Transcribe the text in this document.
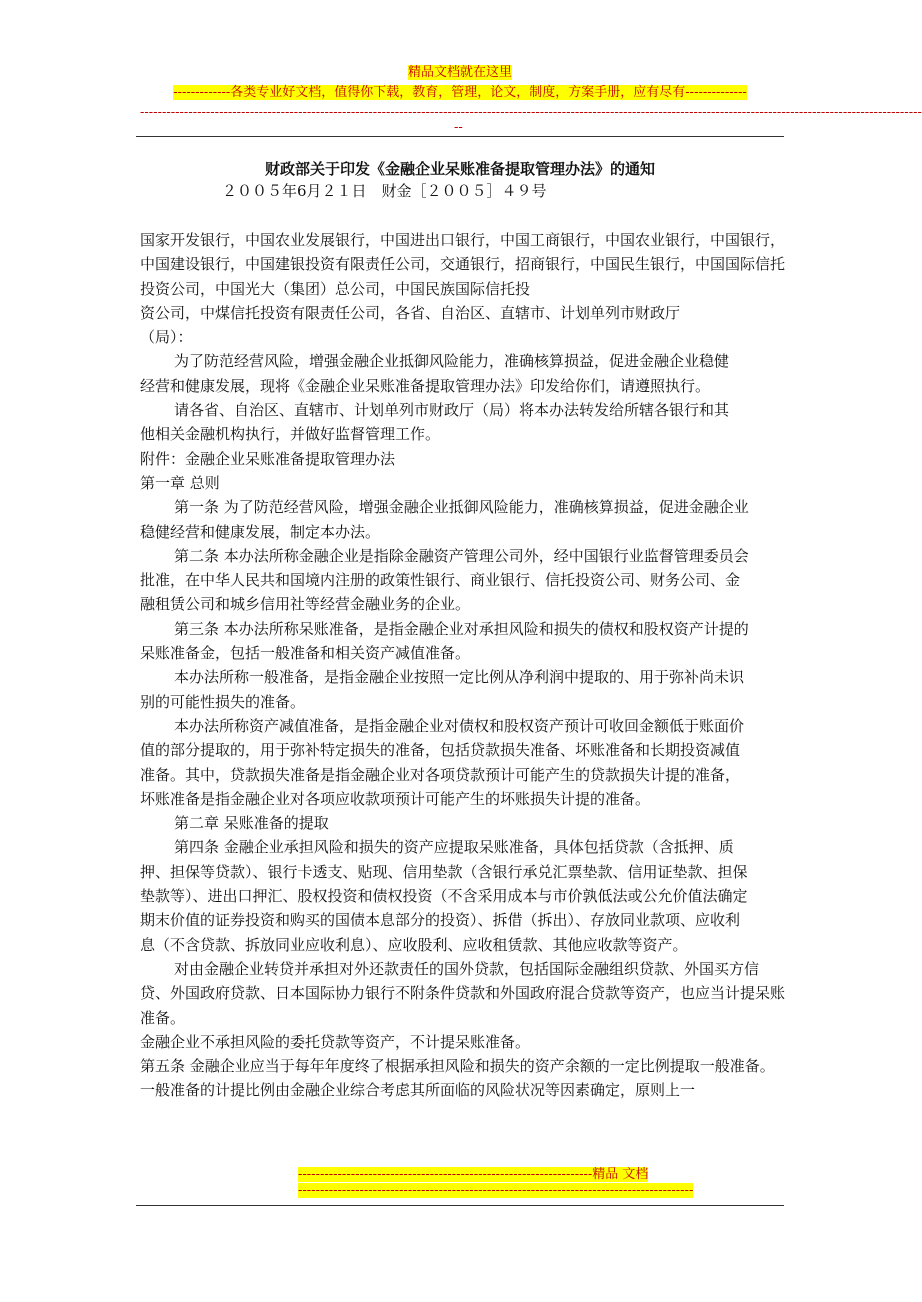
精品文档就在这里
-------------各类专业好文档，值得你下载，教育，管理，论文，制度，方案手册，应有尽有--------------
----------------------------------------------------------------------------------------------------------------------------------------------------------------------------------
--
财政部关于印发《金融企业呆账准备提取管理办法》的通知
２００５年6月２１日　财金［２００５］４９号

国家开发银行，中国农业发展银行，中国进出口银行，中国工商银行，中国农业银行，中国银行，中国建设银行，中国建银投资有限责任公司，交通银行，招商银行，中国民生银行，中国国际信托投资公司，中国光大（集团）总公司，中国民族国际信托投

资公司，中煤信托投资有限责任公司，各省、自治区、直辖市、计划单列市财政厅（局）：

为了防范经营风险，增强金融企业抵御风险能力，准确核算损益，促进金融企业稳健经营和健康发展，现将《金融企业呆账准备提取管理办法》印发给你们，请遵照执行。

请各省、自治区、直辖市、计划单列市财政厅（局）将本办法转发给所辖各银行和其他相关金融机构执行，并做好监督管理工作。

附件：金融企业呆账准备提取管理办法

第一章 总则

第一条 为了防范经营风险，增强金融企业抵御风险能力，准确核算损益，促进金融企业稳健经营和健康发展，制定本办法。

第二条 本办法所称金融企业是指除金融资产管理公司外，经中国银行业监督管理委员会批准，在中华人民共和国境内注册的政策性银行、商业银行、信托投资公司、财务公司、金融租赁公司和城乡信用社等经营金融业务的企业。

第三条 本办法所称呆账准备，是指金融企业对承担风险和损失的债权和股权资产计提的呆账准备金，包括一般准备和相关资产减值准备。

本办法所称一般准备，是指金融企业按照一定比例从净利润中提取的、用于弥补尚未识别的可能性损失的准备。

本办法所称资产减值准备，是指金融企业对债权和股权资产预计可收回金额低于账面价值的部分提取的，用于弥补特定损失的准备，包括贷款损失准备、坏账准备和长期投资减值准备。其中，贷款损失准备是指金融企业对各项贷款预计可能产生的贷款损失计提的准备，坏账准备是指金融企业对各项应收款项预计可能产生的坏账损失计提的准备。

第二章 呆账准备的提取

第四条 金融企业承担风险和损失的资产应提取呆账准备，具体包括贷款（含抵押、质押、担保等贷款）、银行卡透支、贴现、信用垫款（含银行承兑汇票垫款、信用证垫款、担保垫款等）、进出口押汇、股权投资和债权投资（不含采用成本与市价孰低法或公允价值法确定期末价值的证券投资和购买的国债本息部分的投资）、拆借（拆出）、存放同业款项、应收利息（不含贷款、拆放同业应收利息）、应收股利、应收租赁款、其他应收款等资产。

对由金融企业转贷并承担对外还款责任的国外贷款，包括国际金融组织贷款、外国买方信贷、外国政府贷款、日本国际协力银行不附条件贷款和外国政府混合贷款等资产，也应当计提呆账准备。

金融企业不承担风险的委托贷款等资产，不计提呆账准备。

第五条 金融企业应当于每年年度终了根据承担风险和损失的资产余额的一定比例提取一般准备。一般准备的计提比例由金融企业综合考虑其所面临的风险状况等因素确定，原则上一

-------------------------------------------------------------------精品 文档
------------------------------------------------------------------------------------------
